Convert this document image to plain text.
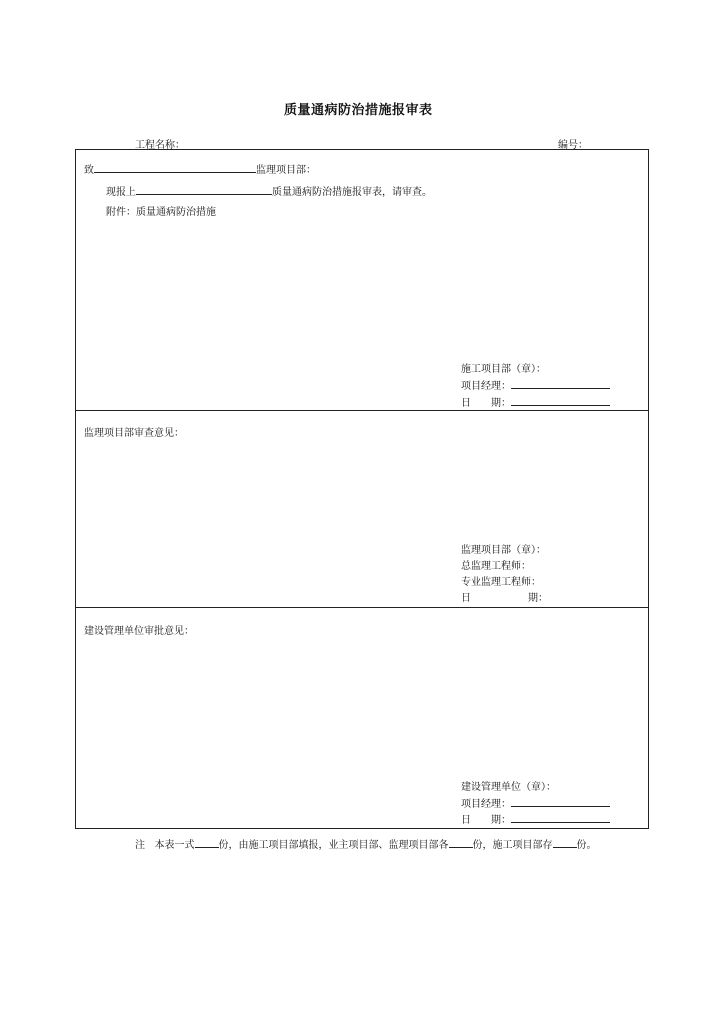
质量通病防治措施报审表
工程名称：	编号：
致	监理项目部：
现报上	质量通病防治措施报审表，请审查。
附件：质量通病防治措施
施工项目部（章）：
项目经理：
日　　期：
监理项目部审查意见：
监理项目部（章）：
总监理工程师：
专业监理工程师：
日	期：
建设管理单位审批意见：
建设管理单位（章）：
项目经理：
日　　期：
注 本表一式 份，由施工项目部填报，业主项目部、监理项目部各 份，施工项目部存 份。
